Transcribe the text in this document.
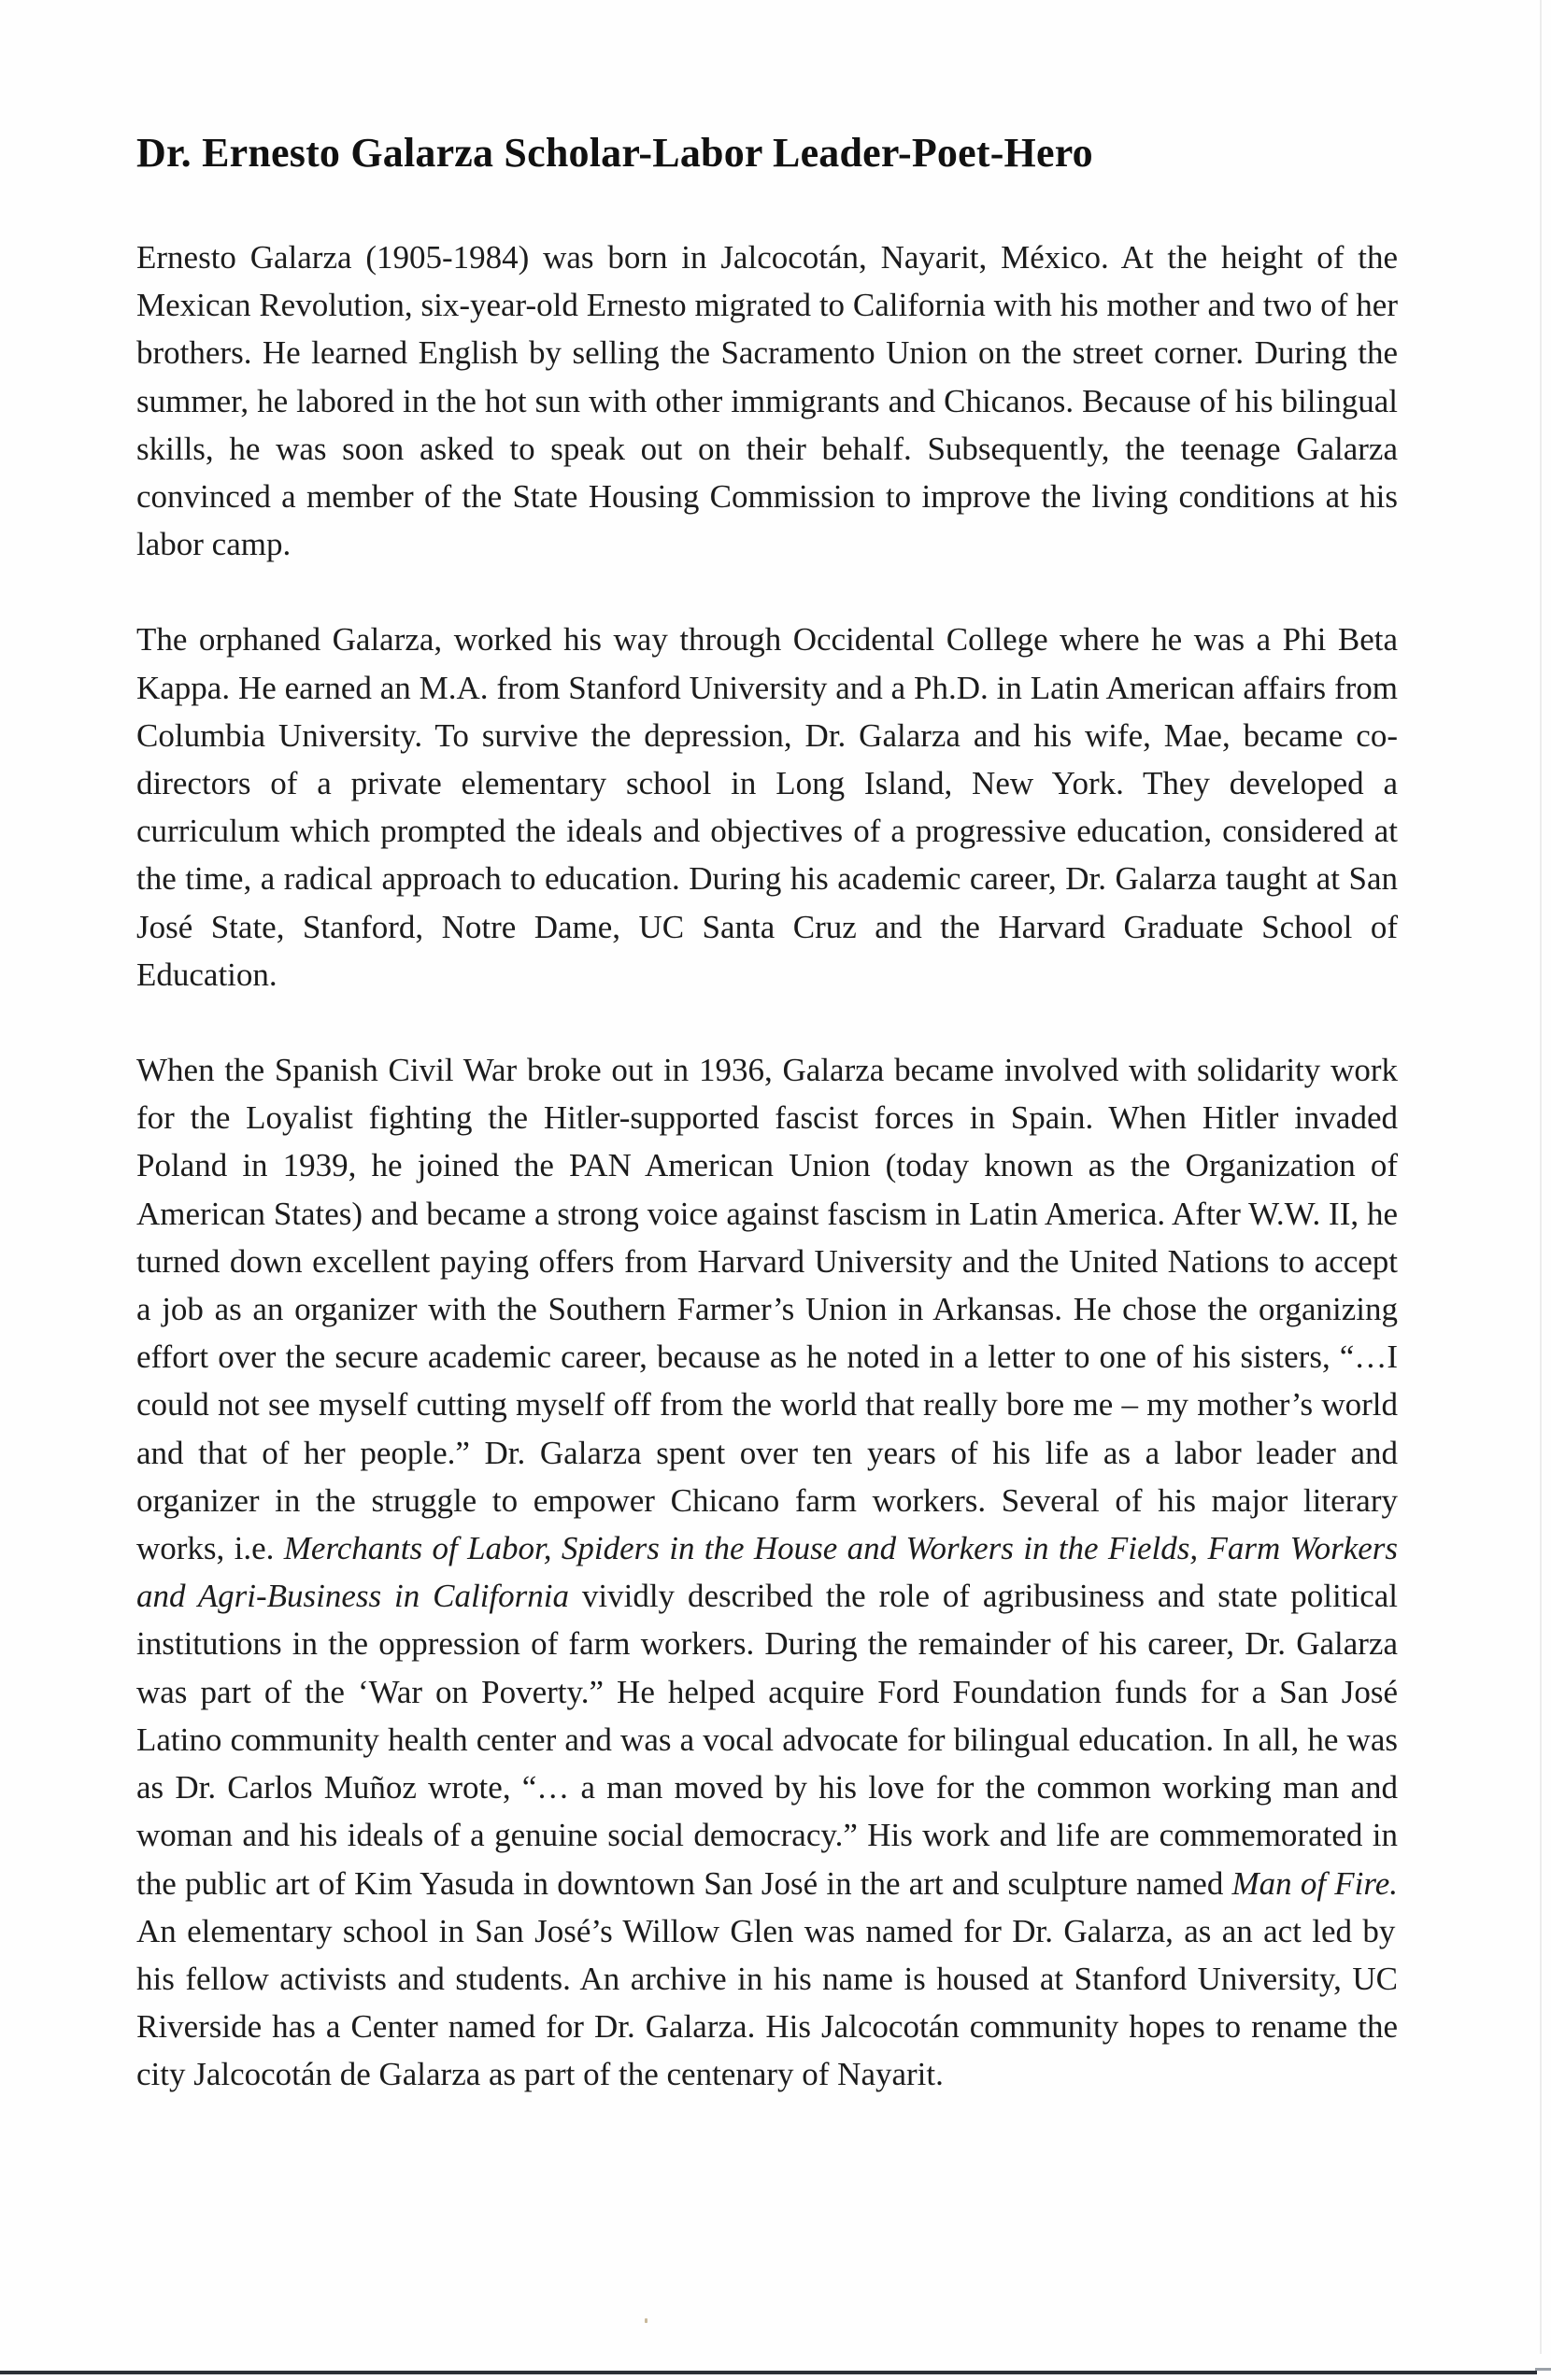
Dr. Ernesto Galarza Scholar-Labor Leader-Poet-Hero

Ernesto Galarza (1905-1984) was born in Jalcocotán, Nayarit, México. At the height of the Mexican Revolution, six-year-old Ernesto migrated to California with his mother and two of her brothers. He learned English by selling the Sacramento Union on the street corner. During the summer, he labored in the hot sun with other immigrants and Chicanos. Because of his bilingual skills, he was soon asked to speak out on their behalf. Subsequently, the teenage Galarza convinced a member of the State Housing Commission to improve the living conditions at his labor camp.

The orphaned Galarza, worked his way through Occidental College where he was a Phi Beta Kappa. He earned an M.A. from Stanford University and a Ph.D. in Latin American affairs from Columbia University. To survive the depression, Dr. Galarza and his wife, Mae, became co-directors of a private elementary school in Long Island, New York. They developed a curriculum which prompted the ideals and objectives of a progressive education, considered at the time, a radical approach to education. During his academic career, Dr. Galarza taught at San José State, Stanford, Notre Dame, UC Santa Cruz and the Harvard Graduate School of Education.

When the Spanish Civil War broke out in 1936, Galarza became involved with solidarity work for the Loyalist fighting the Hitler-supported fascist forces in Spain. When Hitler invaded Poland in 1939, he joined the PAN American Union (today known as the Organization of American States) and became a strong voice against fascism in Latin America. After W.W. II, he turned down excellent paying offers from Harvard University and the United Nations to accept a job as an organizer with the Southern Farmer’s Union in Arkansas. He chose the organizing effort over the secure academic career, because as he noted in a letter to one of his sisters, “…I could not see myself cutting myself off from the world that really bore me – my mother’s world and that of her people.” Dr. Galarza spent over ten years of his life as a labor leader and organizer in the struggle to empower Chicano farm workers. Several of his major literary works, i.e. Merchants of Labor, Spiders in the House and Workers in the Fields, Farm Workers and Agri-Business in California vividly described the role of agribusiness and state political institutions in the oppression of farm workers. During the remainder of his career, Dr. Galarza was part of the ‘War on Poverty.” He helped acquire Ford Foundation funds for a San José Latino community health center and was a vocal advocate for bilingual education. In all, he was as Dr. Carlos Muñoz wrote, “… a man moved by his love for the common working man and woman and his ideals of a genuine social democracy.” His work and life are commemorated in the public art of Kim Yasuda in downtown San José in the art and sculpture named Man of Fire. An elementary school in San José’s Willow Glen was named for Dr. Galarza, as an act led by his fellow activists and students. An archive in his name is housed at Stanford University, UC Riverside has a Center named for Dr. Galarza. His Jalcocotán community hopes to rename the city Jalcocotán de Galarza as part of the centenary of Nayarit.
